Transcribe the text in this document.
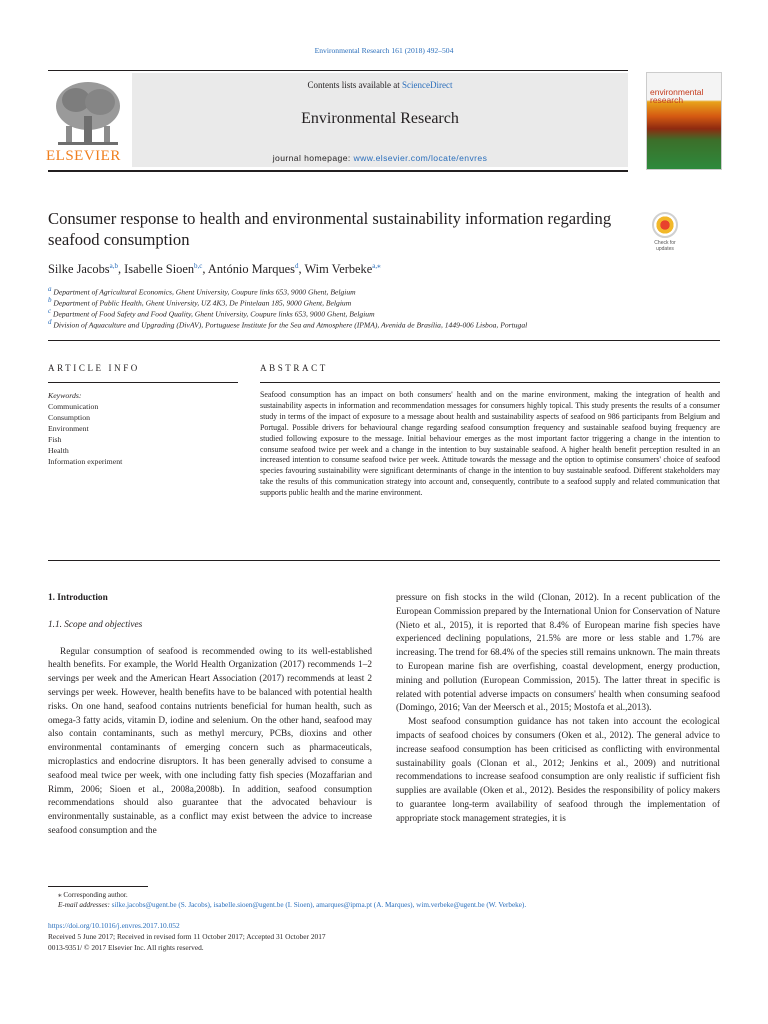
Environmental Research 161 (2018) 492–504
ELSEVIER
Contents lists available at ScienceDirect
Environmental Research
journal homepage: www.elsevier.com/locate/envres
environmental
research
Consumer response to health and environmental sustainability information regarding seafood consumption	Check for
updates
Silke Jacobs$^{a,b}$, Isabelle Sioen$^{b,c}$, António Marques$^d$, Wim Verbeke$^{a,⁎}$
$^a$ Department of Agricultural Economics, Ghent University, Coupure links 653, 9000 Ghent, Belgium
$^b$ Department of Public Health, Ghent University, UZ 4K3, De Pintelaan 185, 9000 Ghent, Belgium
$^c$ Department of Food Safety and Food Quality, Ghent University, Coupure links 653, 9000 Ghent, Belgium
$^d$ Division of Aquaculture and Upgrading (DivAV), Portuguese Institute for the Sea and Atmosphere (IPMA), Avenida de Brasília, 1449-006 Lisboa, Portugal
ARTICLE INFO	ABSTRACT
Keywords:
Communication
Consumption
Environment
Fish
Health
Information experiment
Seafood consumption has an impact on both consumers' health and on the marine environment, making the integration of health and sustainability aspects in information and recommendation messages for consumers highly topical. This study presents the results of a consumer study in terms of the impact of exposure to a message about health and sustainability aspects of seafood on 986 participants from Belgium and Portugal. Possible drivers for behavioural change regarding seafood consumption frequency and sustainable seafood buying frequency are studied following exposure to the message. Initial behaviour emerges as the most important factor triggering a change in the intention to consume seafood twice per week and a change in the intention to buy sustainable seafood. A higher health benefit perception resulted in an increased intention to consume seafood twice per week. Attitude towards the message and the option to optimise consumers' choice of seafood species favouring sustainability were significant determinants of change in the intention to buy sustainable seafood. Different stakeholders may take the results of this communication strategy into account and, consequently, contribute to a seafood supply and related communication that supports public health and the marine environment.
1. Introduction
1.1. Scope and objectives

Regular consumption of seafood is recommended owing to its well-established health benefits. For example, the World Health Organization (2017) recommends 1–2 servings per week and the American Heart Association (2017) recommends at least 2 servings per week. However, health benefits have to be balanced with potential health risks. On one hand, seafood contains nutrients beneficial for human health, such as omega-3 fatty acids, vitamin D, iodine and selenium. On the other hand, seafood may also contain contaminants, such as methyl mercury, PCBs, dioxins and other environmental contaminants of emerging concern such as pharmaceuticals, microplastics and endocrine disruptors. It has been generally advised to consume a seafood meal twice per week, with one including fatty fish species (Mozaffarian and Rimm, 2006; Sioen et al., 2008a,2008b). In addition, seafood consumption recommendations should also guarantee that the advocated behaviour is environmentally sustainable, as a conflict may exist between the advice to increase seafood consumption and the

pressure on fish stocks in the wild (Clonan, 2012). In a recent publication of the European Commission prepared by the International Union for Conservation of Nature (Nieto et al., 2015), it is reported that 8.4% of European marine fish species have experienced declining populations, 21.5% are more or less stable and 1.7% are increasing. The trend for 68.4% of the species still remains unknown. The main threats to European marine fish are overfishing, coastal development, energy production, mining and pollution (European Commission, 2015). The latter threat in specific is related with potential adverse impacts on consumers' health when consuming seafood (Domingo, 2016; Van der Meersch et al., 2015; Mostofa et al.,2013).

Most seafood consumption guidance has not taken into account the ecological impacts of seafood choices by consumers (Oken et al., 2012). The general advice to increase seafood consumption has been criticised as conflicting with environmental sustainability goals (Clonan et al., 2012; Jenkins et al., 2009) and nutritional recommendations to increase seafood consumption are only realistic if sufficient fish supplies are available (Oken et al., 2012). Besides the responsibility of policy makers to guarantee long-term availability of seafood through the implementation of appropriate stock management strategies, it is

⁎ Corresponding author.
E-mail addresses: silke.jacobs@ugent.be (S. Jacobs), isabelle.sioen@ugent.be (I. Sioen), amarques@ipma.pt (A. Marques), wim.verbeke@ugent.be (W. Verbeke).
https://doi.org/10.1016/j.envres.2017.10.052
Received 5 June 2017; Received in revised form 11 October 2017; Accepted 31 October 2017
0013-9351/ © 2017 Elsevier Inc. All rights reserved.
